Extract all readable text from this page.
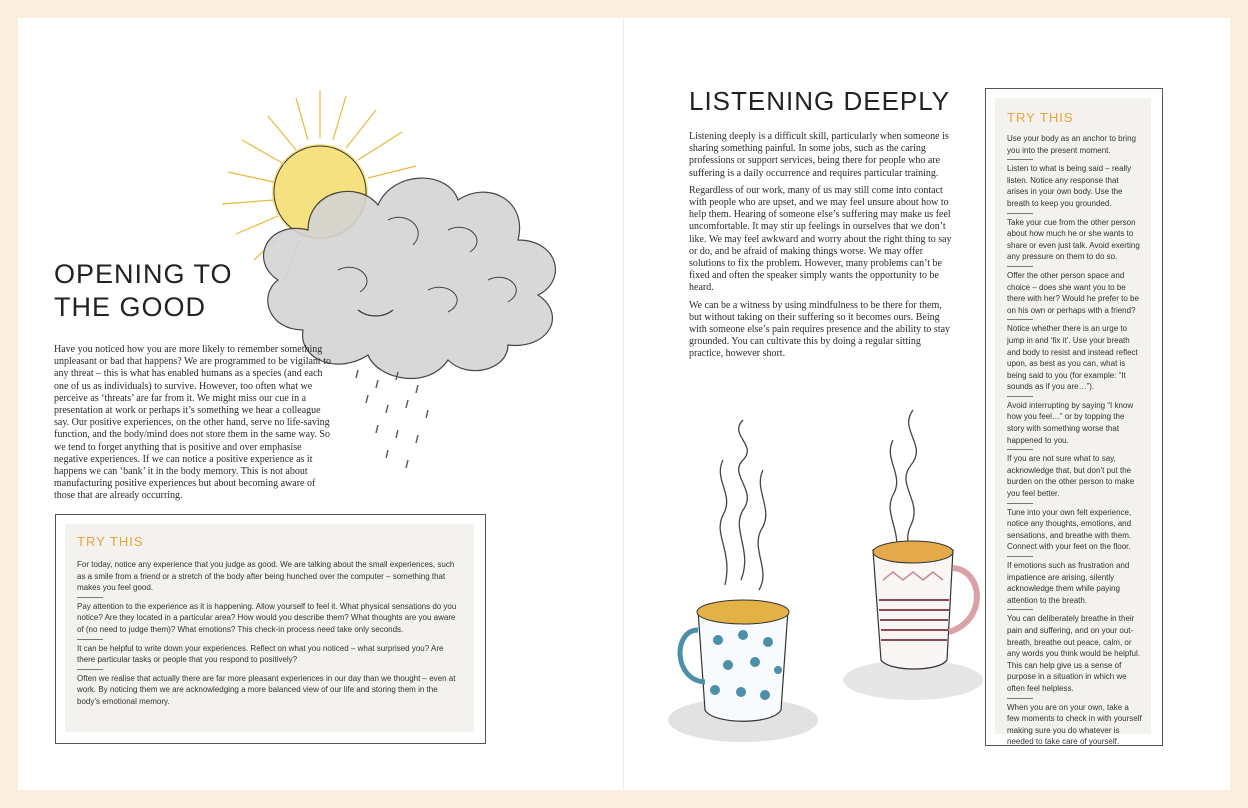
OPENING TO
THE GOOD

Have you noticed how you are more likely to remember something unpleasant or bad that happens? We are programmed to be vigilant to any threat – this is what has enabled humans as a species (and each one of us as individuals) to survive. However, too often what we perceive as ‘threats’ are far from it. We might miss our cue in a presentation at work or perhaps it’s something we hear a colleague say. Our positive experiences, on the other hand, serve no life-saving function, and the body/mind does not store them in the same way. So we tend to forget anything that is positive and over emphasise negative experiences. If we can notice a positive experience as it happens we can ‘bank’ it in the body memory. This is not about manufacturing positive experiences but about becoming aware of those that are already occurring.

TRY THIS

For today, notice any experience that you judge as good. We are talking about the small experiences, such as a smile from a friend or a stretch of the body after being hunched over the computer – something that makes you feel good.

Pay attention to the experience as it is happening. Allow yourself to feel it. What physical sensations do you notice? Are they located in a particular area? How would you describe them? What thoughts are you aware of (no need to judge them)? What emotions? This check-in process need take only seconds.

It can be helpful to write down your experiences. Reflect on what you noticed – what surprised you? Are there particular tasks or people that you respond to positively?

Often we realise that actually there are far more pleasant experiences in our day than we thought – even at work. By noticing them we are acknowledging a more balanced view of our life and storing them in the body’s emotional memory.

LISTENING DEEPLY

Listening deeply is a difficult skill, particularly when someone is sharing something painful. In some jobs, such as the caring professions or support services, being there for people who are suffering is a daily occurrence and requires particular training.

Regardless of our work, many of us may still come into contact with people who are upset, and we may feel unsure about how to help them. Hearing of someone else’s suffering may make us feel uncomfortable. It may stir up feelings in ourselves that we don’t like. We may feel awkward and worry about the right thing to say or do, and be afraid of making things worse. We may offer solutions to fix the problem. However, many problems can’t be fixed and often the speaker simply wants the opportunity to be heard.

We can be a witness by using mindfulness to be there for them, but without taking on their suffering so it becomes ours. Being with someone else’s pain requires presence and the ability to stay grounded. You can cultivate this by doing a regular sitting practice, however short.

TRY THIS

Use your body as an anchor to bring you into the present moment.

Listen to what is being said – really listen. Notice any response that arises in your own body. Use the breath to keep you grounded.

Take your cue from the other person about how much he or she wants to share or even just talk. Avoid exerting any pressure on them to do so.

Offer the other person space and choice – does she want you to be there with her? Would he prefer to be on his own or perhaps with a friend?

Notice whether there is an urge to jump in and ‘fix it’. Use your breath and body to resist and instead reflect upon, as best as you can, what is being said to you (for example: “It sounds as if you are…”).

Avoid interrupting by saying “I know how you feel…” or by topping the story with something worse that happened to you.

If you are not sure what to say, acknowledge that, but don’t put the burden on the other person to make you feel better.

Tune into your own felt experience, notice any thoughts, emotions, and sensations, and breathe with them. Connect with your feet on the floor.

If emotions such as frustration and impatience are arising, silently acknowledge them while paying attention to the breath.

You can deliberately breathe in their pain and suffering, and on your out-breath, breathe out peace, calm, or any words you think would be helpful. This can help give us a sense of purpose in a situation in which we often feel helpless.

When you are on your own, take a few moments to check in with yourself making sure you do whatever is needed to take care of yourself.
